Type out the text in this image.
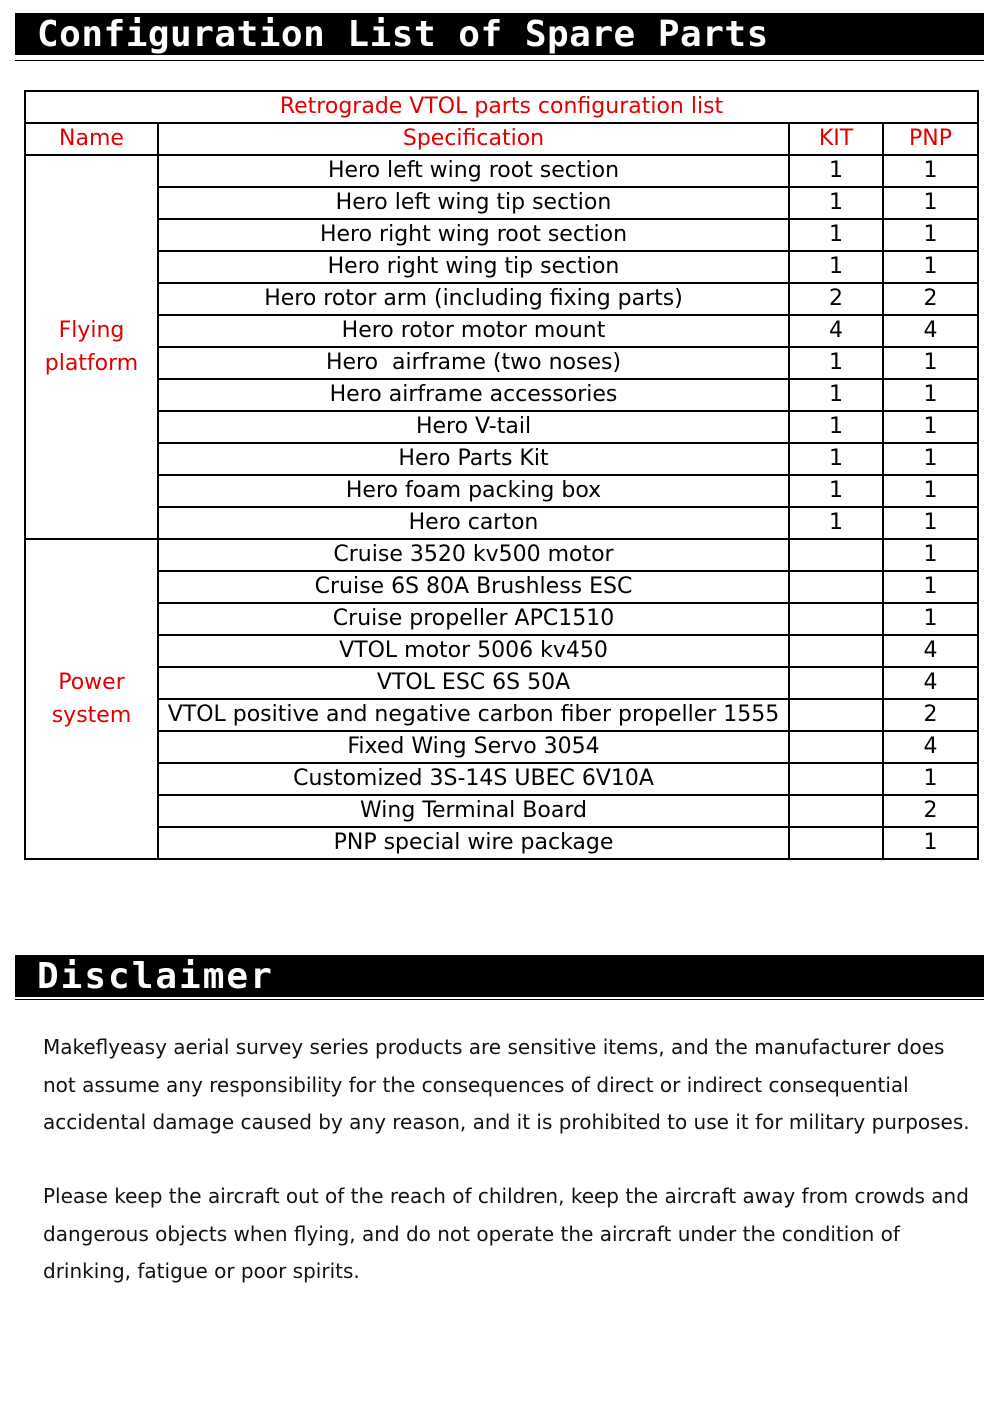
Configuration List of Spare Parts
Retrograde VTOL parts configuration list			
Name	Specification	KIT	PNP
Flying
platform	Hero left wing root section	1	1
	Hero left wing tip section	1	1
	Hero right wing root section	1	1
	Hero right wing tip section	1	1
	Hero rotor arm (including fixing parts)	2	2
	Hero rotor motor mount	4	4
	Hero  airframe (two noses)	1	1
	Hero airframe accessories	1	1
	Hero V-tail	1	1
	Hero Parts Kit	1	1
	Hero foam packing box	1	1
	Hero carton	1	1
Power
system	Cruise 3520 kv500 motor		1
	Cruise 6S 80A Brushless ESC		1
	Cruise propeller APC1510		1
	VTOL motor 5006 kv450		4
	VTOL ESC 6S 50A		4
	VTOL positive and negative carbon fiber propeller 1555		2
	Fixed Wing Servo 3054		4
	Customized 3S-14S UBEC 6V10A		1
	Wing Terminal Board		2
	PNP special wire package		1
Disclaimer

Makeflyeasy aerial survey series products are sensitive items, and the manufacturer does not assume any responsibility for the consequences of direct or indirect consequential accidental damage caused by any reason, and it is prohibited to use it for military purposes.

Please keep the aircraft out of the reach of children, keep the aircraft away from crowds and dangerous objects when flying, and do not operate the aircraft under the condition of drinking, fatigue or poor spirits.
